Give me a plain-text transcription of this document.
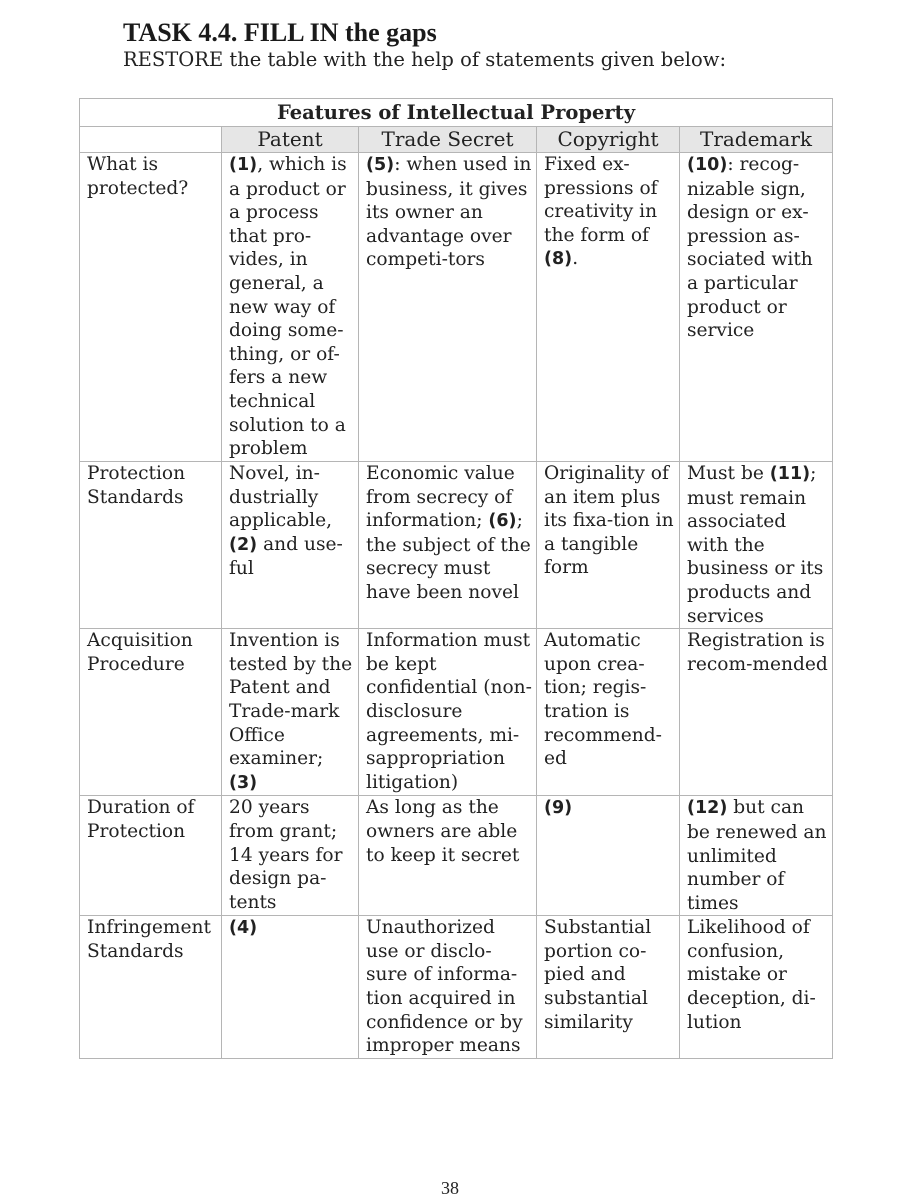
TASK 4.4. FILL IN the gaps
RESTORE the table with the help of statements given below:
Features of Intellectual Property				
	Patent	Trade Secret	Copyright	Trademark
What is protected?	(1), which is a product or a process that pro-vides, in general, a new way of doing some-thing, or of-fers a new technical solution to a problem	(5): when used in business, it gives its owner an advantage over competi-tors	Fixed ex-pressions of creativity in the form of (8).	(10): recog-nizable sign, design or ex-pression as-sociated with a particular product or service
Protection Standards	Novel, in-dustrially applicable, (2) and use-ful	Economic value from secrecy of information; (6); the subject of the secrecy must have been novel	Originality of an item plus its fixa-tion in a tangible form	Must be (11); must remain associated with the business or its products and services
Acquisition Procedure	Invention is tested by the Patent and Trade-mark Office examiner; (3)	Information must be kept confidential (non-disclosure agreements, mi-sappropriation litigation)	Automatic upon crea-tion; regis-tration is recommend-ed	Registration is recom-mended
Duration of Protection	20 years from grant; 14 years for design pa-tents	As long as the owners are able to keep it secret	(9)	(12) but can be renewed an unlimited number of times
Infringement Standards	(4)	Unauthorized use or disclo-sure of informa-tion acquired in confidence or by improper means	Substantial portion co-pied and substantial similarity	Likelihood of confusion, mistake or deception, di-lution
38
